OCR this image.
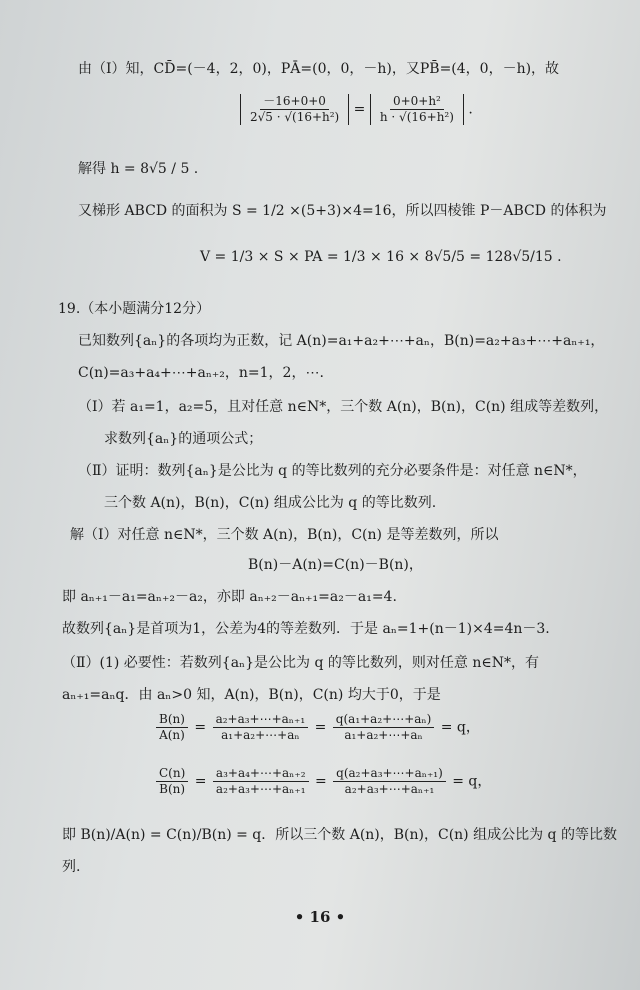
由（Ⅰ）知，CD̄=(－4，2，0)，PĀ=(0，0，－h)，又PB̄=(4，0，－h)，故
$\frac{-16+0+0}{\text{2√5 · √(16+h²)}} = \frac{\text{0+0+h²}}{\text{h · √(16+h²)}}$ .
解得 h = 8√5 / 5 .
又梯形 ABCD 的面积为 S = 1/2 ×(5+3)×4=16，所以四棱锥 P－ABCD 的体积为
V = 1/3 × S × PA = 1/3 × 16 × 8√5/5 = 128√5/15 .
19.（本小题满分12分）
已知数列{aₙ}的各项均为正数，记 A(n)=a₁+a₂+⋯+aₙ，B(n)=a₂+a₃+⋯+aₙ₊₁，
C(n)=a₃+a₄+⋯+aₙ₊₂，n=1，2，⋯.
（Ⅰ）若 a₁=1，a₂=5，且对任意 n∈N*，三个数 A(n)，B(n)，C(n) 组成等差数列，
求数列{aₙ}的通项公式；
（Ⅱ）证明：数列{aₙ}是公比为 q 的等比数列的充分必要条件是：对任意 n∈N*，
三个数 A(n)，B(n)，C(n) 组成公比为 q 的等比数列.
解（Ⅰ）对任意 n∈N*，三个数 A(n)，B(n)，C(n) 是等差数列，所以
B(n)－A(n)=C(n)－B(n)，
即 aₙ₊₁－a₁=aₙ₊₂－a₂，亦即 aₙ₊₂－aₙ₊₁=a₂－a₁=4.
故数列{aₙ}是首项为1，公差为4的等差数列．于是 aₙ=1+(n－1)×4=4n－3.
（Ⅱ）(1) 必要性：若数列{aₙ}是公比为 q 的等比数列，则对任意 n∈N*，有
aₙ₊₁=aₙq．由 aₙ>0 知，A(n)，B(n)，C(n) 均大于0，于是
$\frac{B(n)}{A(n)} = \frac{\text{a₂+a₃+⋯+aₙ₊₁}}{\text{a₁+a₂+⋯+aₙ}} = \frac{\text{q(a₁+a₂+⋯+aₙ)}}{\text{a₁+a₂+⋯+aₙ}} = q$，
$\frac{C(n)}{B(n)} = \frac{\text{a₃+a₄+⋯+aₙ₊₂}}{\text{a₂+a₃+⋯+aₙ₊₁}} = \frac{\text{q(a₂+a₃+⋯+aₙ₊₁)}}{\text{a₂+a₃+⋯+aₙ₊₁}} = q$，
即 B(n)/A(n) = C(n)/B(n) = q．所以三个数 A(n)，B(n)，C(n) 组成公比为 q 的等比数
列.
• 16 •
